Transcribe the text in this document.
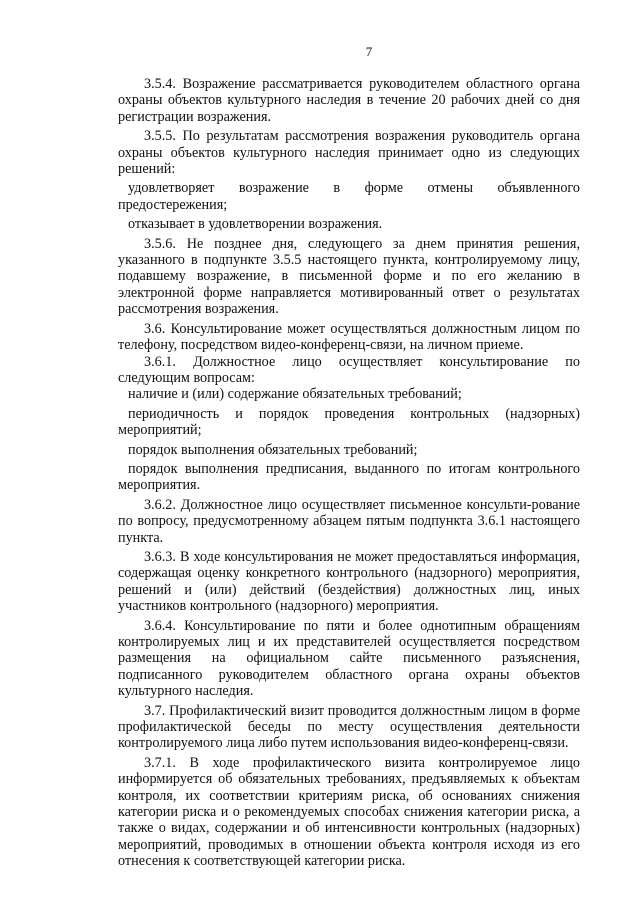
7

3.5.4. Возражение рассматривается руководителем областного органа охраны объектов культурного наследия в течение 20 рабочих дней со дня регистрации возражения.

3.5.5. По результатам рассмотрения возражения руководитель органа охраны объектов культурного наследия принимает одно из следующих решений:

удовлетворяет возражение в форме отмены объявленного предостережения;

отказывает в удовлетворении возражения.

3.5.6. Не позднее дня, следующего за днем принятия решения, указанного в подпункте 3.5.5 настоящего пункта, контролируемому лицу, подавшему возражение, в письменной форме и по его желанию в электронной форме направляется мотивированный ответ о результатах рассмотрения возражения.

3.6. Консультирование может осуществляться должностным лицом по телефону, посредством видео-конференц-связи, на личном приеме.

3.6.1. Должностное лицо осуществляет консультирование по следующим вопросам:

наличие и (или) содержание обязательных требований;

периодичность и порядок проведения контрольных (надзорных) мероприятий;

порядок выполнения обязательных требований;

порядок выполнения предписания, выданного по итогам контрольного мероприятия.

3.6.2. Должностное лицо осуществляет письменное консульти-рование по вопросу, предусмотренному абзацем пятым подпункта 3.6.1 настоящего пункта.

3.6.3. В ходе консультирования не может предоставляться информация, содержащая оценку конкретного контрольного (надзорного) мероприятия, решений и (или) действий (бездействия) должностных лиц, иных участников контрольного (надзорного) мероприятия.

3.6.4. Консультирование по пяти и более однотипным обращениям контролируемых лиц и их представителей осуществляется посредством размещения на официальном сайте письменного разъяснения, подписанного руководителем областного органа охраны объектов культурного наследия.

3.7. Профилактический визит проводится должностным лицом в форме профилактической беседы по месту осуществления деятельности контролируемого лица либо путем использования видео-конференц-связи.

3.7.1. В ходе профилактического визита контролируемое лицо информируется об обязательных требованиях, предъявляемых к объектам контроля, их соответствии критериям риска, об основаниях снижения категории риска и о рекомендуемых способах снижения категории риска, а также о видах, содержании и об интенсивности контрольных (надзорных) мероприятий, проводимых в отношении объекта контроля исходя из его отнесения к соответствующей категории риска.
